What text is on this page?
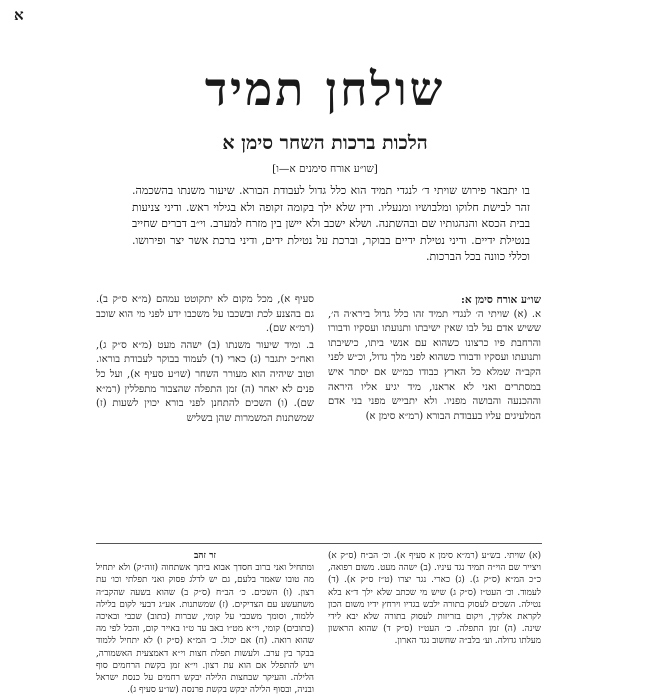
א
שולחן תמיד
הלכות ברכות השחר סימן א
[שו״ע אורח סימנים א—ו]
בו יתבאר פירוש שויתי ד׳ לנגדי תמיד הוא כלל גדול לעבודת הבורא. שיעור משנתו בהשכמה. זהר לבישת חלוקו ומלבושיו ומנעליו. ודין שלא ילך בקומה זקופה ולא בגילוי ראש. ודיני צניעות בבית הכסא והנהגותיו שם ובהשתנה. ושלא ישכב ולא יישן בין מזרח למערב. וי״ב דברים שחייב בנטילת ידיים. ודיני נטילת ידיים בבוקר, וברכת על נטילת ידים, ודיני ברכת אשר יצר ופירושו. וכללי כוונה בכל הברכות.
שו״ע אורח סימן א:

א. (א) שויתי ה׳ לנגדי תמיד זהו כלל גדול בירא׳ה ה׳, ששיש אדם על לבו שאין ישיבתו ותנועתו ועסקיו ודבורו והרחבת פיו כרצונו כשהוא עם אנשי ביתו, כישיבתו ותנועתו ועסקיו ודבורו כשהוא לפני מלך גדול, וכ״ש לפני הקב״ה שמלא כל הארץ כבודו כמ״ש אם יסתר איש במסתרים ואני לא אראנו, מיד יגיע אליו היראה וההכנעה והבושה מפניו. ולא יתבייש מפני בני אדם המלעיגים עליו בעבודת הבורא (רמ״א סימן א)

סעיף א), מכל מקום לא יתקוטט עמהם (מ״א ס״ק ב). גם בהצנע לכת ובשכבו על משכבו ידע לפני מי הוא שוכב (רמ״א שם).

ב. ומיד שיעור משנתו (ב) ישהה מעט (מ״א ס״ק ג), ואח״כ יתגבר (ג) כארי (ד) לעמוד בבוקר לעבודת בוראו. וטוב שיהיה הוא מעורר השחר (שו״ע סעיף א), ועל כל פנים לא יאחר (ה) זמן התפלה שהצבור מתפללין (רמ״א שם). (ו) השכים להתחנן לפני בורא יכוין לשעות (ז) שמשתנות המשמרות שהן בשליש

(א) שויתי. בש״ע (רמ״א סימן א סעיף א). וכ׳ הב״ח (ס״ק א) ויצייר שם הוי״ה תמיד נגד עיניו. (ב) ישהה מעט. משום רפואה, כ״כ המ״א (ס״ק ג). (ג) כארי. נגד יצרו (ט״ז ס״ק א). (ד) לעמוד. וכ׳ העט״ז (ס״ק ג) שיש מי שכתב שלא ילך ד״א בלא נטילה. השכים לעסוק בתורה ילבש בגדיו וירחץ ידיו משום הכון לקראת אלקיך, ויקום בזריזות לעסוק בתורה שלא יבא לידי שינה. (ה) זמן התפלה. כ׳ העט״ז (ס״ק ד) שהוא הראשון מעלתו גדולה. וע׳ בלב״ה שחשוב נגד הארון.
זר זהב
ומתחיל ואני ברוב חסדך אבוא ביתך אשתחוה (זוה״ק) ולא יתחיל מה טובו שאמר בלעם, גם יש לדלג פסוק ואני תפלתי וכו׳ עת רצון. (ו) השכים. כ׳ הב״ח (ס״ק ב) שהוא בשעה שהקב״ה משתעשע עם הצדיקים. (ז) שמשתנות. אע״ג דבעי לקום בלילה ללמוד, וסומך משכבי על קומי, שברות (כתוב) שכבי ובאיכה (כתובים) קומי, וי״א מט״ו באב עד ט״ו באייר קום, והכל לפי מה שהוא רואה. (ח) אם יכול. כ׳ המ״א (ס״ק ו) לא יתחיל ללמוד בבקר בין ערב. ולעשות תפלת חצות וי״א דאמצעית האשמורה, ויש להתפלל אם הוא עת רצון. וי״א זמן בקשת הרחמים סוף הלילה. והעיקר שבחצות הלילה יבקש רחמים על כנסת ישראל ובניה, ובסוף הלילה יבקש בקשת פרנסה (שו״ע סעיף ג).
